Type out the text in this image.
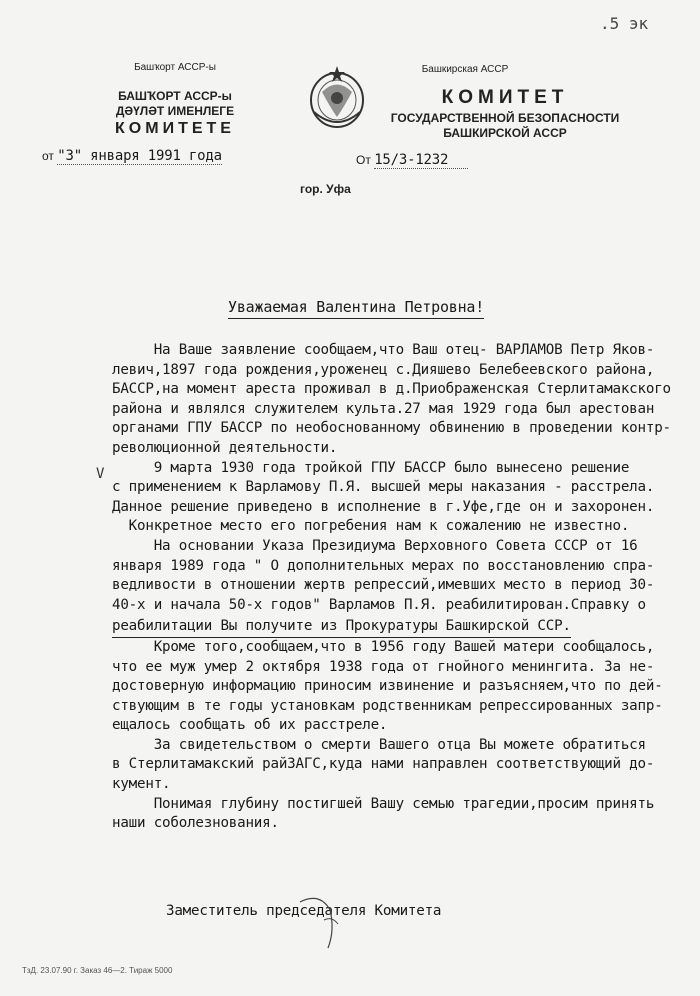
.5 эк
Башҡорт АССР-ы
БАШҠОРТ АССР-ы
ДӘҮЛӘТ ИМЕНЛЕГЕ
КОМИТЕТЕ
Башкирская АССР
КОМИТЕТ
ГОСУДАРСТВЕННОЙ БЕЗОПАСНОСТИ
БАШКИРСКОЙ АССР
от "3" января 1991 года	От 15/3-1232
гор. Уфа
Уважаемая Валентина Петровна!
На Ваше заявление сообщаем,что Ваш отец- ВАРЛАМОВ Петр Яков-
левич,1897 года рождения,уроженец с.Дияшево Белебеевского района,
БАССР,на момент ареста проживал в д.Приображенская Стерлитамакского
района и являлся служителем культа.27 мая 1929 года был арестован
органами ГПУ БАССР по необоснованному обвинению в проведении контр-
революционной деятельности.
9 марта 1930 года тройкой ГПУ БАССР было вынесено решение
с применением к Варламову П.Я. высшей меры наказания - расстрела.
Данное решение приведено в исполнение в г.Уфе,где он и захоронен.
Конкретное место его погребения нам к сожалению не известно.
На основании Указа Президиума Верховного Совета СССР от 16
января 1989 года " О дополнительных мерах по восстановлению спра-
ведливости в отношении жертв репрессий,имевших место в период 30-
40-х и начала 50-х годов" Варламов П.Я. реабилитирован.Справку о
реабилитации Вы получите из Прокуратуры Башкирской ССР.
Кроме того,сообщаем,что в 1956 году Вашей матери сообщалось,
что ее муж умер 2 октября 1938 года от гнойного менингита. За не-
достоверную информацию приносим извинение и разъясняем,что по дей-
ствующим в те годы установкам родственникам репрессированных запр-
ещалось сообщать об их расстреле.
За свидетельством о смерти Вашего отца Вы можете обратиться
в Стерлитамакский райЗАГС,куда нами направлен соответствующий до-
кумент.
Понимая глубину постигшей Вашу семью трагедии,просим принять
наши соболезнования.
V
Заместитель председателя Комитета
ТзД. 23.07.90 г. Заказ 46—2. Тираж 5000
